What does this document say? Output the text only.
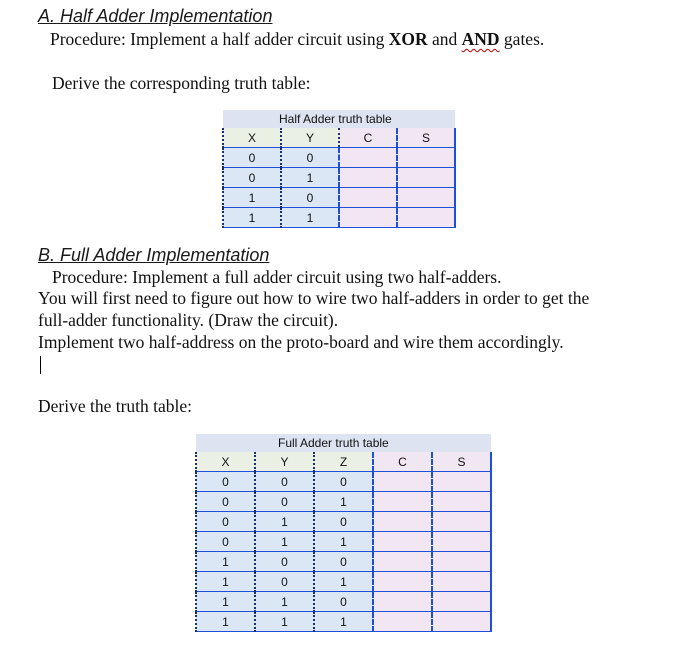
A. Half Adder Implementation
Procedure: Implement a half adder circuit using XOR and AND gates.
Derive the corresponding truth table:
	Half Adder truth table		
X	Y	C	S
0	0		
0	1		
1	0		
1	1		
B. Full Adder Implementation
Procedure: Implement a full adder circuit using two half-adders.
You will first need to figure out how to wire two half-adders in order to get the
full-adder functionality. (Draw the circuit).
Implement two half-address on the proto-board and wire them accordingly.
Derive the truth table:
	Full Adder truth table			
X	Y	Z	C	S
0	0	0		
0	0	1		
0	1	0		
0	1	1		
1	0	0		
1	0	1		
1	1	0		
1	1	1		
